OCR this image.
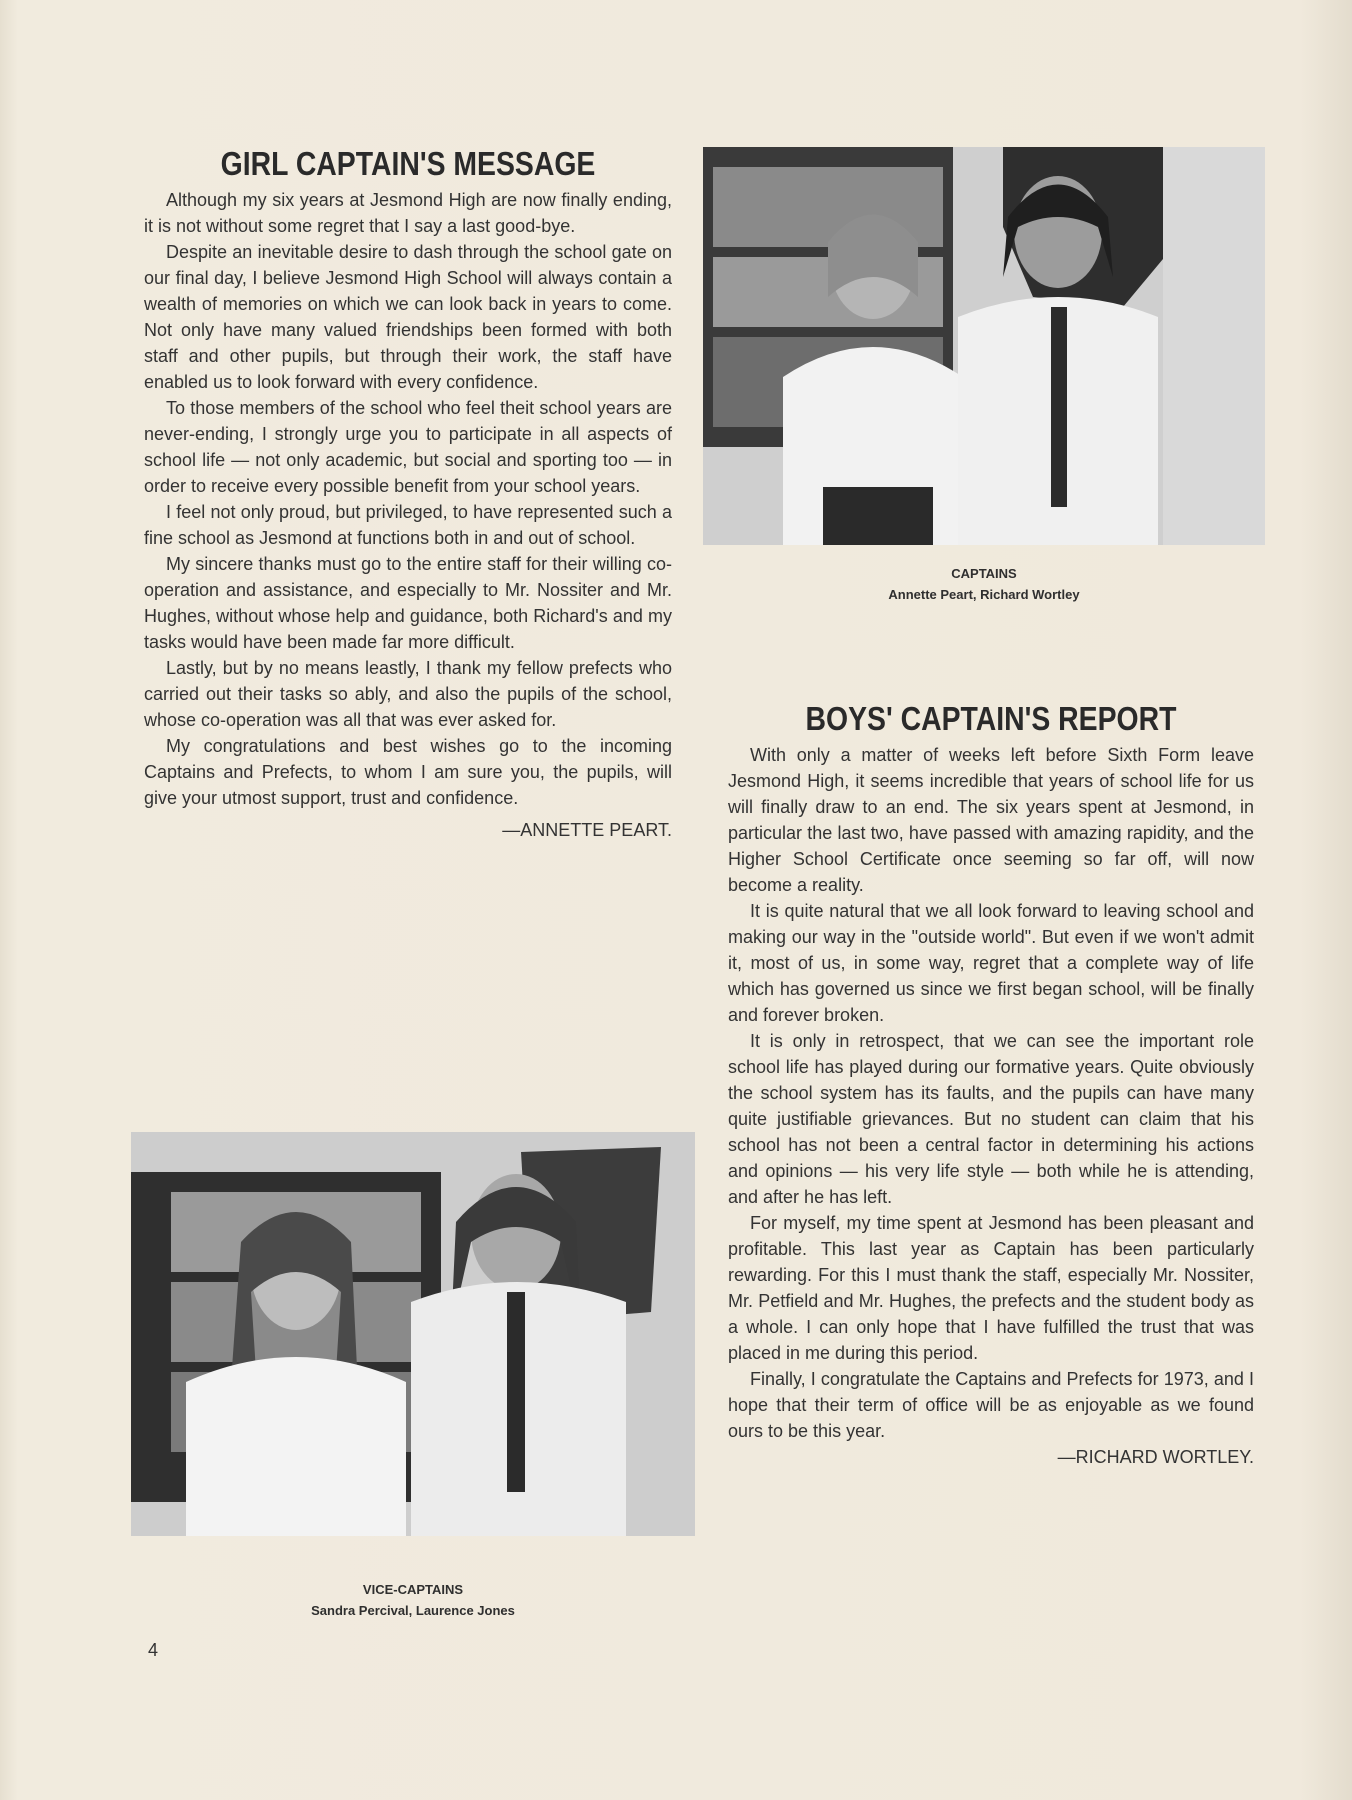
GIRL CAPTAIN'S MESSAGE

Although my six years at Jesmond High are now finally ending, it is not without some regret that I say a last good-bye.

Despite an inevitable desire to dash through the school gate on our final day, I believe Jesmond High School will always contain a wealth of memories on which we can look back in years to come. Not only have many valued friendships been formed with both staff and other pupils, but through their work, the staff have enabled us to look forward with every confidence.

To those members of the school who feel theit school years are never-ending, I strongly urge you to participate in all aspects of school life — not only academic, but social and sporting too — in order to receive every possible benefit from your school years.

I feel not only proud, but privileged, to have represented such a fine school as Jesmond at functions both in and out of school.

My sincere thanks must go to the entire staff for their willing co-operation and assistance, and especially to Mr. Nossiter and Mr. Hughes, without whose help and guidance, both Richard's and my tasks would have been made far more difficult.

Lastly, but by no means leastly, I thank my fellow prefects who carried out their tasks so ably, and also the pupils of the school, whose co-operation was all that was ever asked for.

My congratulations and best wishes go to the incoming Captains and Prefects, to whom I am sure you, the pupils, will give your utmost support, trust and confidence.

—ANNETTE PEART.
CAPTAINS
Annette Peart, Richard Wortley
BOYS' CAPTAIN'S REPORT

With only a matter of weeks left before Sixth Form leave Jesmond High, it seems incredible that years of school life for us will finally draw to an end. The six years spent at Jesmond, in particular the last two, have passed with amazing rapidity, and the Higher School Certificate once seeming so far off, will now become a reality.

It is quite natural that we all look forward to leaving school and making our way in the "outside world". But even if we won't admit it, most of us, in some way, regret that a complete way of life which has governed us since we first began school, will be finally and forever broken.

It is only in retrospect, that we can see the important role school life has played during our formative years. Quite obviously the school system has its faults, and the pupils can have many quite justifiable grievances. But no student can claim that his school has not been a central factor in determining his actions and opinions — his very life style — both while he is attending, and after he has left.

For myself, my time spent at Jesmond has been pleasant and profitable. This last year as Captain has been particularly rewarding. For this I must thank the staff, especially Mr. Nossiter, Mr. Petfield and Mr. Hughes, the prefects and the student body as a whole. I can only hope that I have fulfilled the trust that was placed in me during this period.

Finally, I congratulate the Captains and Prefects for 1973, and I hope that their term of office will be as enjoyable as we found ours to be this year.

—RICHARD WORTLEY.
VICE-CAPTAINS
Sandra Percival, Laurence Jones
4
